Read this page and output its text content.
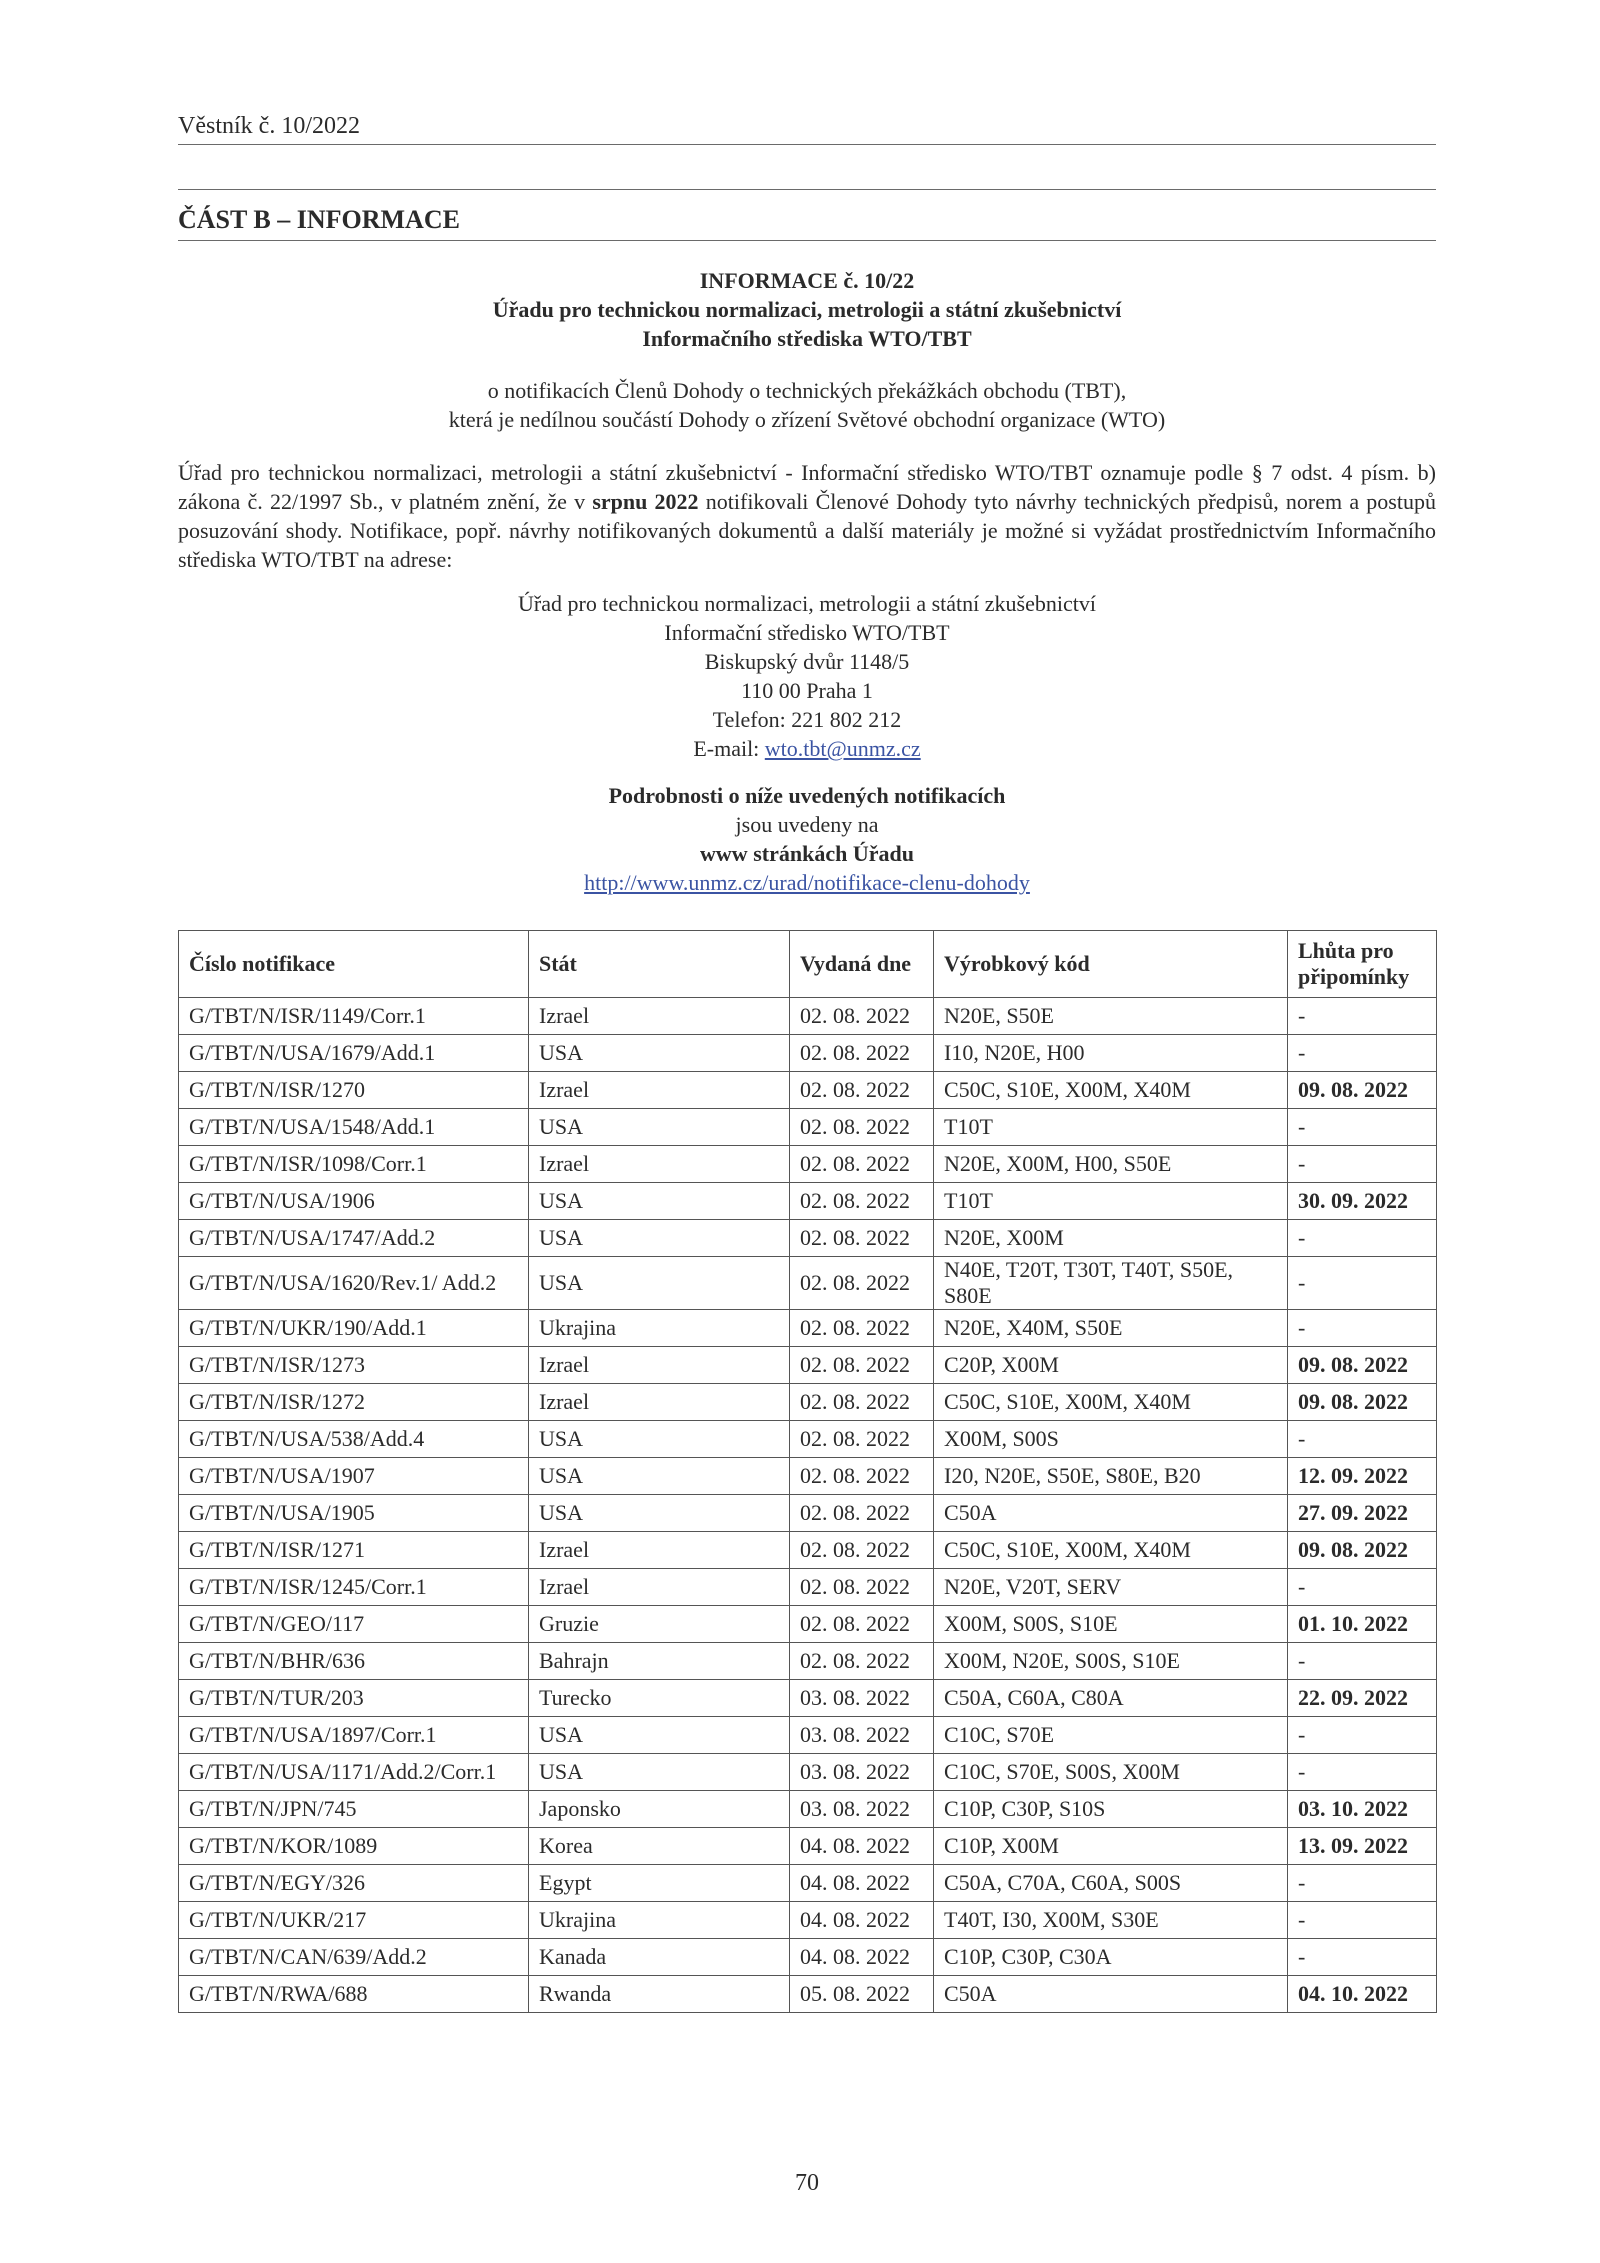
Věstník č. 10/2022
ČÁST B – INFORMACE
INFORMACE č. 10/22
Úřadu pro technickou normalizaci, metrologii a státní zkušebnictví
Informačního střediska WTO/TBT
o notifikacích Členů Dohody o technických překážkách obchodu (TBT),
která je nedílnou součástí Dohody o zřízení Světové obchodní organizace (WTO)
Úřad pro technickou normalizaci, metrologii a státní zkušebnictví - Informační středisko WTO/TBT oznamuje podle § 7 odst. 4 písm. b) zákona č. 22/1997 Sb., v platném znění, že v srpnu 2022 notifikovali Členové Dohody tyto návrhy technických předpisů, norem a postupů posuzování shody. Notifikace, popř. návrhy notifikovaných dokumentů a další materiály je možné si vyžádat prostřednictvím Informačního střediska WTO/TBT na adrese:
Úřad pro technickou normalizaci, metrologii a státní zkušebnictví
Informační středisko WTO/TBT
Biskupský dvůr 1148/5
110 00 Praha 1
Telefon: 221 802 212
E-mail: wto.tbt@unmz.cz
Podrobnosti o níže uvedených notifikacích
jsou uvedeny na
www stránkách Úřadu
http://www.unmz.cz/urad/notifikace-clenu-dohody
Číslo notifikace	Stát	Vydaná dne	Výrobkový kód	Lhůta pro připomínky
G/TBT/N/ISR/1149/Corr.1	Izrael	02. 08. 2022	N20E, S50E	-
G/TBT/N/USA/1679/Add.1	USA	02. 08. 2022	I10, N20E, H00	-
G/TBT/N/ISR/1270	Izrael	02. 08. 2022	C50C, S10E, X00M, X40M	09. 08. 2022
G/TBT/N/USA/1548/Add.1	USA	02. 08. 2022	T10T	-
G/TBT/N/ISR/1098/Corr.1	Izrael	02. 08. 2022	N20E, X00M, H00, S50E	-
G/TBT/N/USA/1906	USA	02. 08. 2022	T10T	30. 09. 2022
G/TBT/N/USA/1747/Add.2	USA	02. 08. 2022	N20E, X00M	-
G/TBT/N/USA/1620/Rev.1/ Add.2	USA	02. 08. 2022	N40E, T20T, T30T, T40T, S50E, S80E	-
G/TBT/N/UKR/190/Add.1	Ukrajina	02. 08. 2022	N20E, X40M, S50E	-
G/TBT/N/ISR/1273	Izrael	02. 08. 2022	C20P, X00M	09. 08. 2022
G/TBT/N/ISR/1272	Izrael	02. 08. 2022	C50C, S10E, X00M, X40M	09. 08. 2022
G/TBT/N/USA/538/Add.4	USA	02. 08. 2022	X00M, S00S	-
G/TBT/N/USA/1907	USA	02. 08. 2022	I20, N20E, S50E, S80E, B20	12. 09. 2022
G/TBT/N/USA/1905	USA	02. 08. 2022	C50A	27. 09. 2022
G/TBT/N/ISR/1271	Izrael	02. 08. 2022	C50C, S10E, X00M, X40M	09. 08. 2022
G/TBT/N/ISR/1245/Corr.1	Izrael	02. 08. 2022	N20E, V20T, SERV	-
G/TBT/N/GEO/117	Gruzie	02. 08. 2022	X00M, S00S, S10E	01. 10. 2022
G/TBT/N/BHR/636	Bahrajn	02. 08. 2022	X00M, N20E, S00S, S10E	-
G/TBT/N/TUR/203	Turecko	03. 08. 2022	C50A, C60A, C80A	22. 09. 2022
G/TBT/N/USA/1897/Corr.1	USA	03. 08. 2022	C10C, S70E	-
G/TBT/N/USA/1171/Add.2/Corr.1	USA	03. 08. 2022	C10C, S70E, S00S, X00M	-
G/TBT/N/JPN/745	Japonsko	03. 08. 2022	C10P, C30P, S10S	03. 10. 2022
G/TBT/N/KOR/1089	Korea	04. 08. 2022	C10P, X00M	13. 09. 2022
G/TBT/N/EGY/326	Egypt	04. 08. 2022	C50A, C70A, C60A, S00S	-
G/TBT/N/UKR/217	Ukrajina	04. 08. 2022	T40T, I30, X00M, S30E	-
G/TBT/N/CAN/639/Add.2	Kanada	04. 08. 2022	C10P, C30P, C30A	-
G/TBT/N/RWA/688	Rwanda	05. 08. 2022	C50A	04. 10. 2022
70
